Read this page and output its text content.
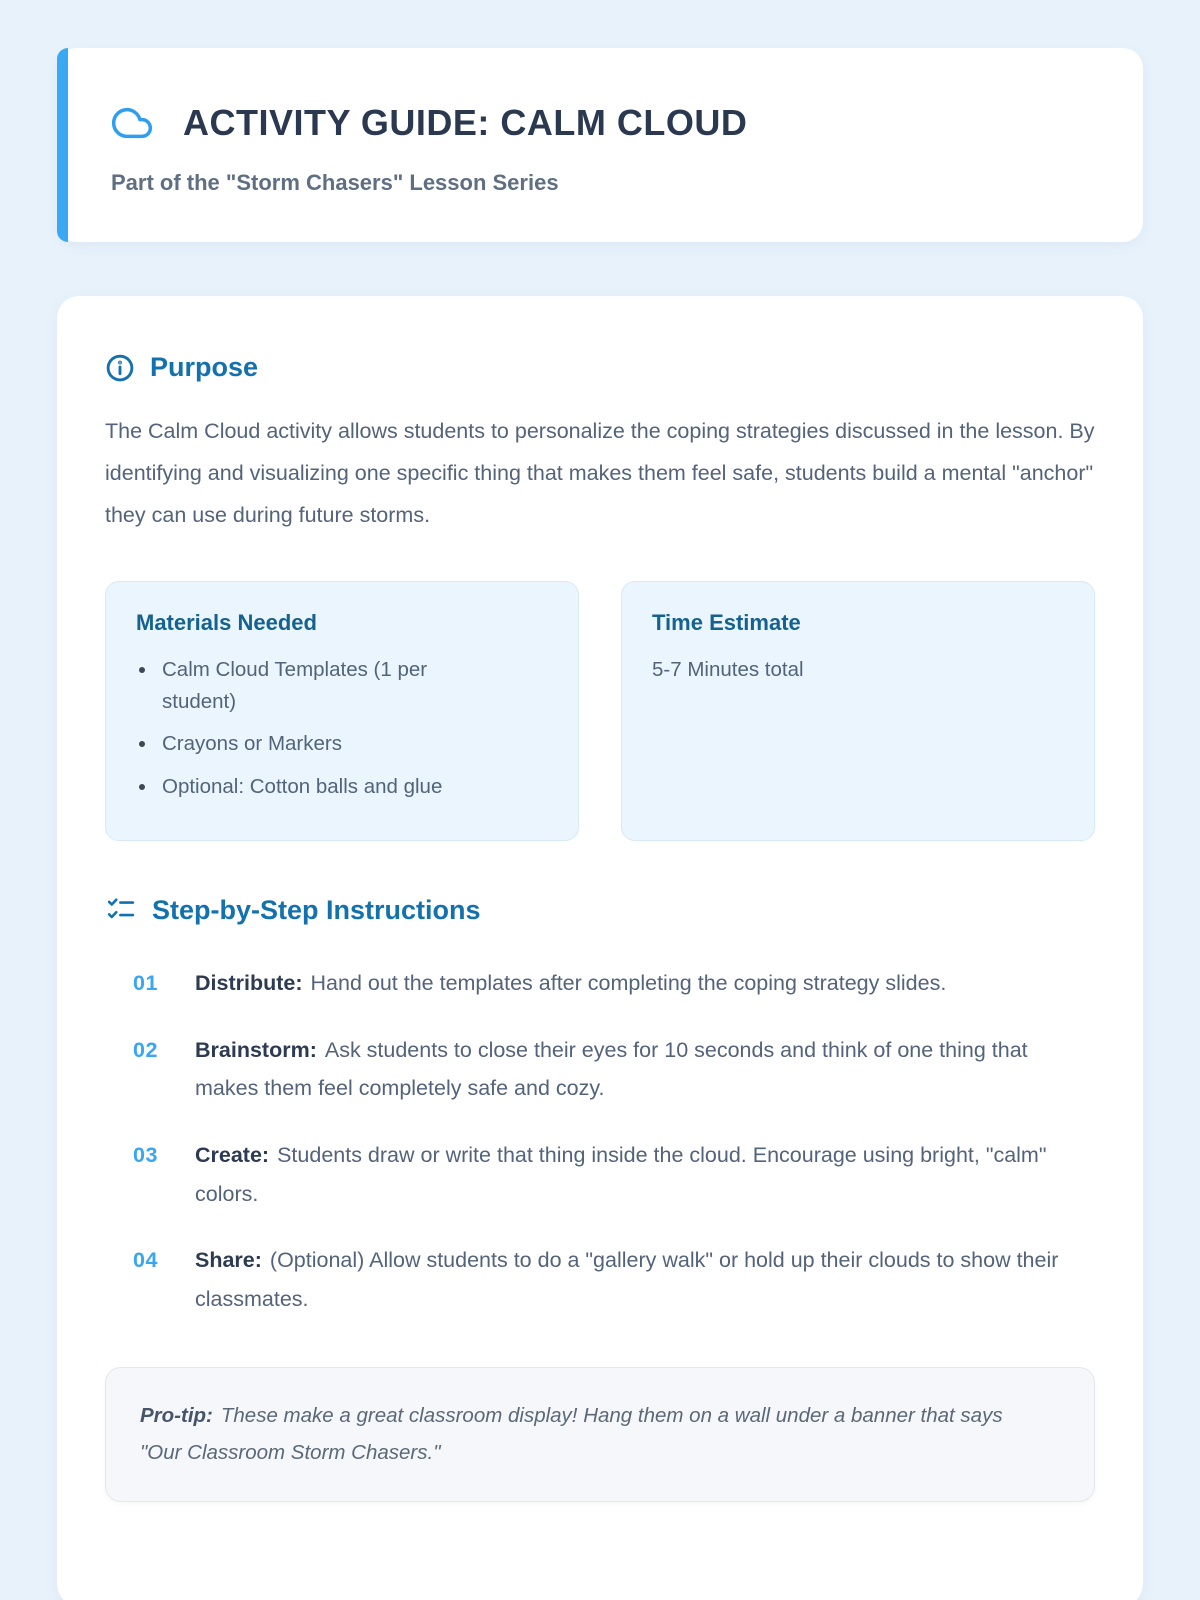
ACTIVITY GUIDE: CALM CLOUD
Part of the "Storm Chasers" Lesson Series
Purpose

The Calm Cloud activity allows students to personalize the coping strategies discussed in the lesson. By identifying and visualizing one specific thing that makes them feel safe, students build a mental "anchor" they can use during future storms.

Materials Needed
• Calm Cloud Templates (1 per student)
• Crayons or Markers
• Optional: Cotton balls and glue
Time Estimate
5-7 Minutes total
Step-by-Step Instructions
01	Distribute: Hand out the templates after completing the coping strategy slides.
02	Brainstorm: Ask students to close their eyes for 10 seconds and think of one thing that makes them feel completely safe and cozy.
03	Create: Students draw or write that thing inside the cloud. Encourage using bright, "calm" colors.
04	Share: (Optional) Allow students to do a "gallery walk" or hold up their clouds to show their classmates.

Pro-tip: These make a great classroom display! Hang them on a wall under a banner that says "Our Classroom Storm Chasers."
